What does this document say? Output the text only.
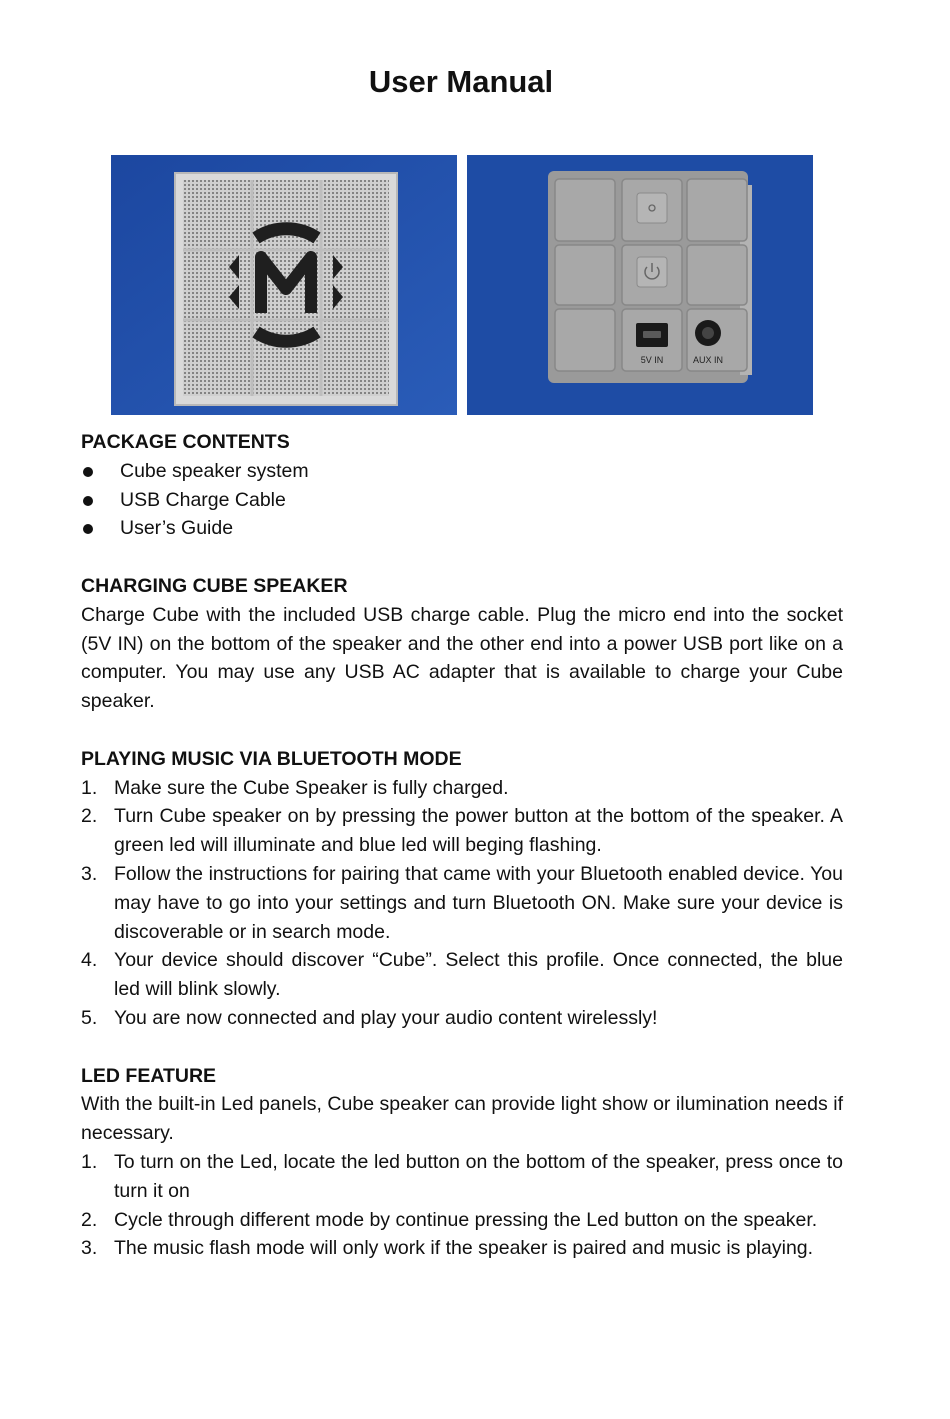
User Manual
5V IN	AUX IN
PACKAGE CONTENTS
Cube speaker system
USB Charge Cable
User’s Guide
CHARGING CUBE SPEAKER

Charge Cube with the included USB charge cable. Plug the micro end into the socket (5V IN) on the bottom of the speaker and the other end into a power USB port like on a computer. You may use any USB AC adapter that is available to charge your Cube speaker.

PLAYING MUSIC VIA BLUETOOTH MODE
1. Make sure the Cube Speaker is fully charged.
2. Turn Cube speaker on by pressing the power button at the bottom of the speaker. A green led will illuminate and blue led will beging flashing.
3. Follow the instructions for pairing that came with your Bluetooth enabled device. You may have to go into your settings and turn Bluetooth ON. Make sure your device is discoverable or in search mode.
4. Your device should discover “Cube”. Select this profile. Once connected, the blue led will blink slowly.
5. You are now connected and play your audio content wirelessly!
LED FEATURE

With the built-in Led panels, Cube speaker can provide light show or ilumination needs if necessary.

1. To turn on the Led, locate the led button on the bottom of the speaker, press once to turn it on
2. Cycle through different mode by continue pressing the Led button on the speaker.
3. The music flash mode will only work if the speaker is paired and music is playing.
